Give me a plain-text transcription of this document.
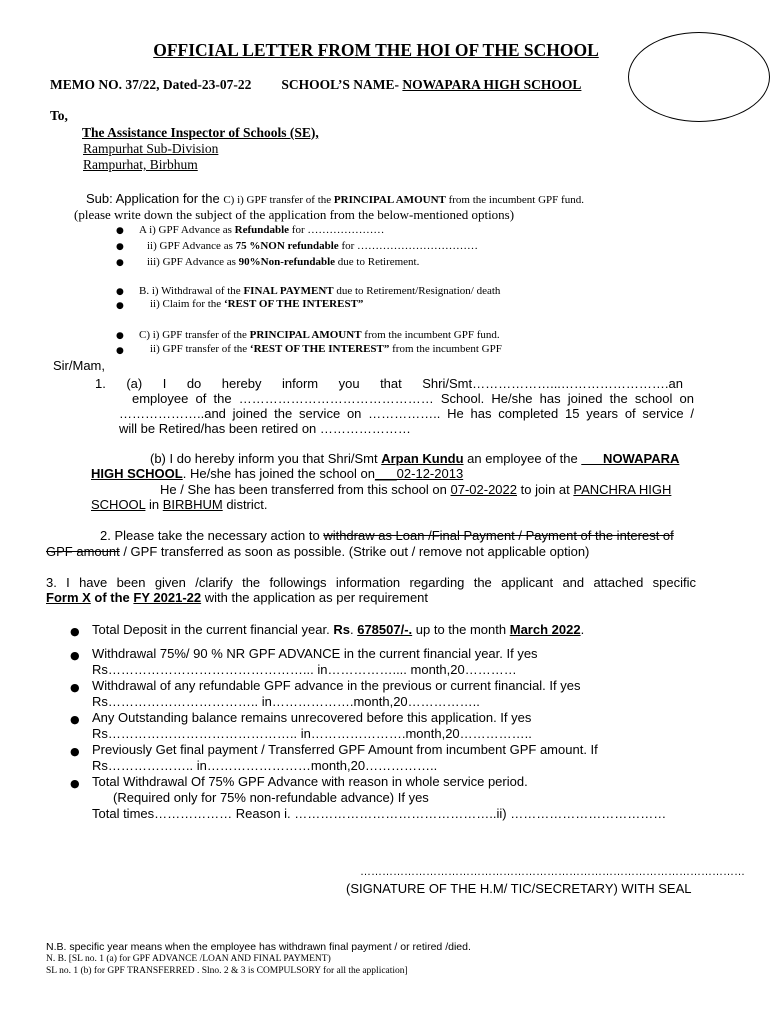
OFFICIAL LETTER FROM THE HOI OF THE SCHOOL
MEMO NO. 37/22, Dated-23-07-22 SCHOOL’S NAME- NOWAPARA HIGH SCHOOL
To,
The Assistance Inspector of Schools (SE),
Rampurhat Sub-Division
Rampurhat, Birbhum
Sub: Application for the C) i) GPF transfer of the PRINCIPAL AMOUNT from the incumbent GPF fund.
(please write down the subject of the application from the below-mentioned options)
● A i) GPF Advance as Refundable for …………………
● ii) GPF Advance as 75 %NON refundable for ……………………………
● iii) GPF Advance as 90%Non-refundable due to Retirement.
● B. i) Withdrawal of the FINAL PAYMENT due to Retirement/Resignation/ death
● ii) Claim for the ‘REST OF THE INTEREST”
● C) i) GPF transfer of the PRINCIPAL AMOUNT from the incumbent GPF fund.
● ii) GPF transfer of the ‘REST OF THE INTEREST” from the incumbent GPF
Sir/Mam,
1. (a) I do hereby inform you that Shri/Smt………………...…………………….an
employee of the ……………………………………… School. He/she has joined the school on
………………..and joined the service on …………….. He has completed 15 years of service /
will be Retired/has been retired on …………………
(b) I do hereby inform you that Shri/Smt Arpan Kundu an employee of the ___NOWAPARA
HIGH SCHOOL. He/she has joined the school on___02-12-2013
He / She has been transferred from this school on 07-02-2022 to join at PANCHRA HIGH
SCHOOL in BIRBHUM district.
2. Please take the necessary action to withdraw as Loan /Final Payment / Payment of the interest of
GPF amount / GPF transferred as soon as possible. (Strike out / remove not applicable option)
3. I have been given /clarify the followings information regarding the applicant and attached specific
Form X of the FY 2021-22 with the application as per requirement
● Total Deposit in the current financial year. Rs. 678507/-. up to the month March 2022.
● Withdrawal 75%/ 90 % NR GPF ADVANCE in the current financial year. If yes
Rs………………………………………... in…………….... month,20…………
● Withdrawal of any refundable GPF advance in the previous or current financial. If yes
Rs…………………………….. in……………….month,20……………..
● Any Outstanding balance remains unrecovered before this application. If yes
Rs…………………………………….. in………………….month,20……………..
● Previously Get final payment / Transferred GPF Amount from incumbent GPF amount. If
Rs……………….. in……………………month,20……………..
● Total Withdrawal Of 75% GPF Advance with reason in whole service period.
(Required only for 75% non-refundable advance) If yes
Total times……………… Reason i. ………………………………………..ii) ………………………………
……………………………………………………………………………………………
(SIGNATURE OF THE H.M/ TIC/SECRETARY) WITH SEAL
N.B. specific year means when the employee has withdrawn final payment / or retired /died.
N. B. [SL no. 1 (a) for GPF ADVANCE /LOAN AND FINAL PAYMENT)
SL no. 1 (b) for GPF TRANSFERRED . Slno. 2 & 3 is COMPULSORY for all the application]
